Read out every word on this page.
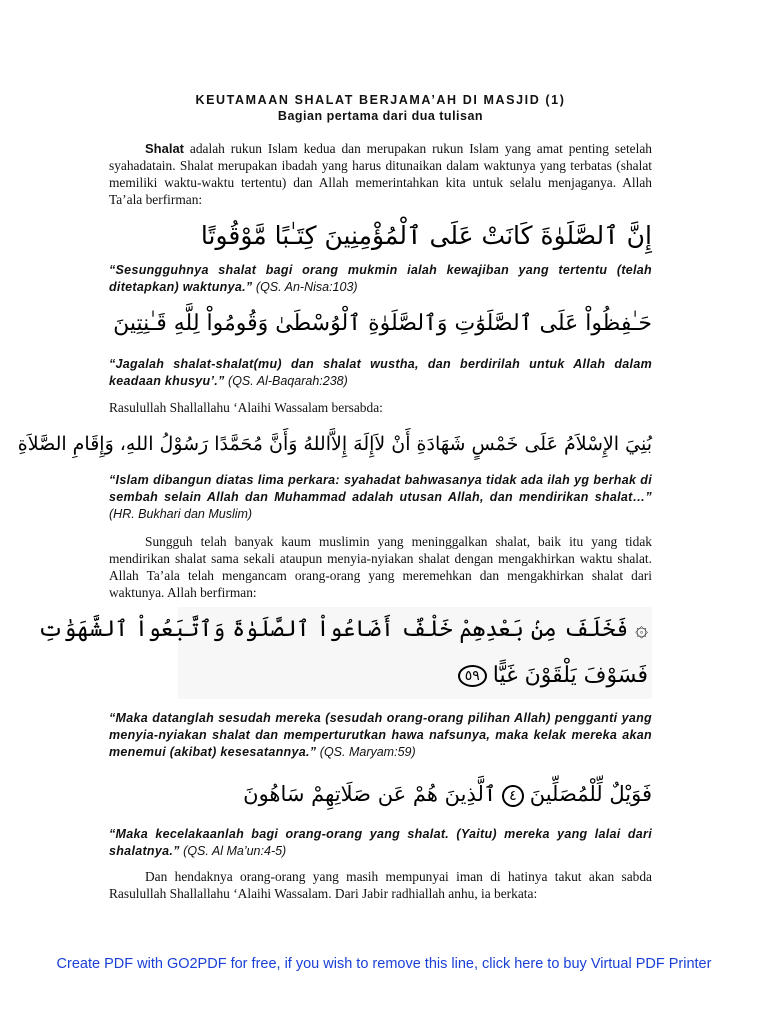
KEUTAMAAN SHALAT BERJAMA’AH DI MASJID (1)
Bagian pertama dari dua tulisan
Shalat adalah rukun Islam kedua dan merupakan rukun Islam yang amat penting setelah syahadatain. Shalat merupakan ibadah yang harus ditunaikan dalam waktunya yang terbatas (shalat memiliki waktu-waktu tertentu) dan Allah memerintahkan kita untuk selalu menjaganya. Allah Ta’ala berfirman:
إِنَّ ٱلصَّلَوٰةَ كَانَتْ عَلَى ٱلْمُؤْمِنِينَ كِتَـٰبًا مَّوْقُوتًا
“Sesungguhnya shalat bagi orang mukmin ialah kewajiban yang tertentu (telah ditetapkan) waktunya.” (QS. An-Nisa:103)
حَـٰفِظُواْ عَلَى ٱلصَّلَوَٰتِ وَٱلصَّلَوٰةِ ٱلْوُسْطَىٰ وَقُومُواْ لِلَّهِ قَـٰنِتِينَ
“Jagalah shalat-shalat(mu) dan shalat wustha, dan berdirilah untuk Allah dalam keadaan khusyu’.” (QS. Al-Baqarah:238)
Rasulullah Shallallahu ‘Alaihi Wassalam bersabda:
بُنِيَ الإِسْلاَمُ عَلَى خَمْسٍ شَهَادَةِ أَنْ لاَإِلَهَ إِلاَّاللهُ وَأَنَّ مُحَمَّدًا رَسُوْلُ اللهِ، وَإِقَامِ الصَّلاَةِ
“Islam dibangun diatas lima perkara: syahadat bahwasanya tidak ada ilah yg berhak di sembah selain Allah dan Muhammad adalah utusan Allah, dan mendirikan shalat…” (HR. Bukhari dan Muslim)
Sungguh telah banyak kaum muslimin yang meninggalkan shalat, baik itu yang tidak mendirikan shalat sama sekali ataupun menyia-nyiakan shalat dengan mengakhirkan waktu shalat. Allah Ta’ala telah mengancam orang-orang yang meremehkan dan mengakhirkan shalat dari waktunya. Allah berfirman:
۞ فَخَلَفَ مِنۢ بَعْدِهِمْ خَلْفٌ أَضَاعُواْ ٱلصَّلَوٰةَ وَٱتَّبَعُواْ ٱلشَّهَوَٰتِ
فَسَوْفَ يَلْقَوْنَ غَيًّا٥٩
“Maka datanglah sesudah mereka (sesudah orang-orang pilihan Allah) pengganti yang menyia-nyiakan shalat dan memperturutkan hawa nafsunya, maka kelak mereka akan menemui (akibat) kesesatannya.” (QS. Maryam:59)
فَوَيْلٌ لِّلْمُصَلِّينَ٤ٱلَّذِينَ هُمْ عَن صَلَاتِهِمْ سَاهُونَ
“Maka kecelakaanlah bagi orang-orang yang shalat. (Yaitu) mereka yang lalai dari shalatnya.” (QS. Al Ma’un:4-5)
Dan hendaknya orang-orang yang masih mempunyai iman di hatinya takut akan sabda Rasulullah Shallallahu ‘Alaihi Wassalam. Dari Jabir radhiallah anhu, ia berkata:
Create PDF with GO2PDF for free, if you wish to remove this line, click here to buy Virtual PDF Printer
